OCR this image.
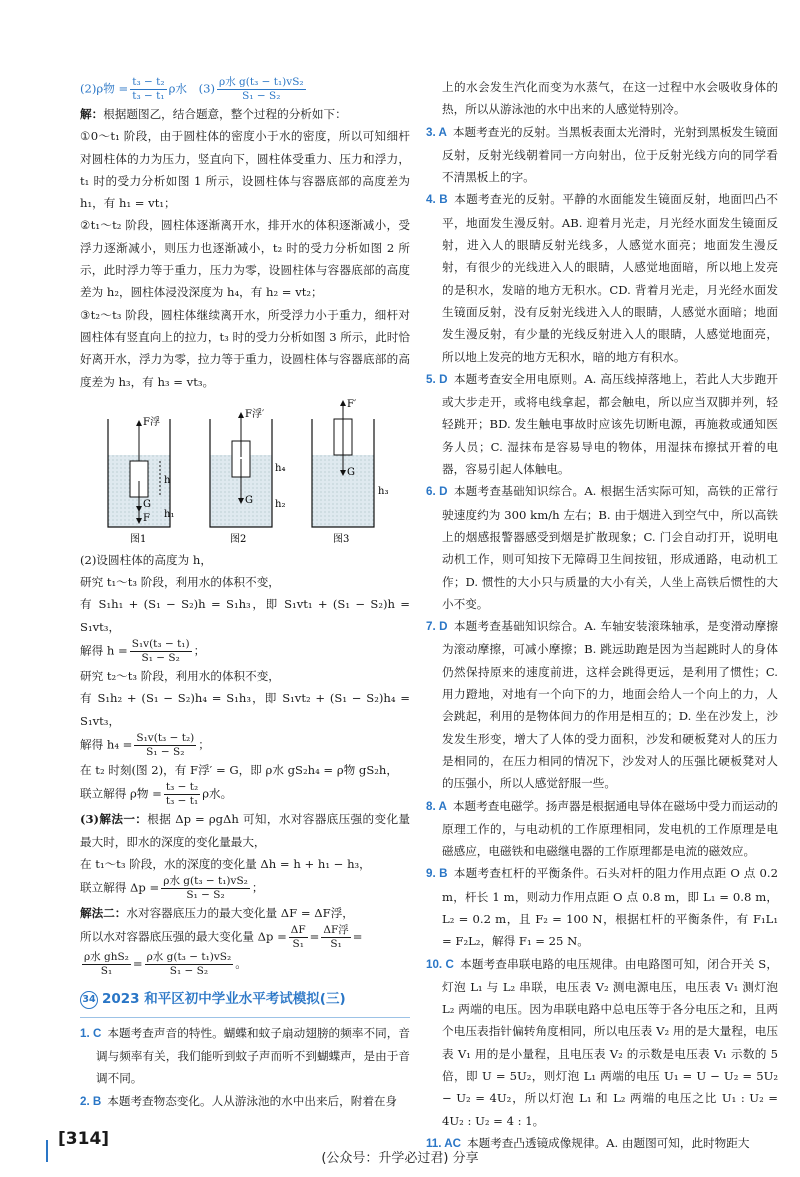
(2)ρ物 = $\frac{\text{t₃ − t₂}}{\text{t₃ − t₁}}$ ρ水　$(3) \frac{\text{ρ水 g(t₃ − t₁)vS₂}}{\text{S₁ − S₂}}$

解：根据题图乙，结合题意，整个过程的分析如下：

①0～t₁ 阶段，由于圆柱体的密度小于水的密度，所以可知细杆对圆柱体的力为压力，竖直向下，圆柱体受重力、压力和浮力，t₁ 时的受力分析如图 1 所示，设圆柱体与容器底部的高度差为 h₁，有 h₁ = vt₁；

②t₁～t₂ 阶段，圆柱体逐渐离开水，排开水的体积逐渐减小，受浮力逐渐减小，则压力也逐渐减小，t₂ 时的受力分析如图 2 所示，此时浮力等于重力，压力为零，设圆柱体与容器底部的高度差为 h₂，圆柱体浸没深度为 h₄，有 h₂ = vt₂；

③t₂～t₃ 阶段，圆柱体继续离开水，所受浮力小于重力，细杆对圆柱体有竖直向上的拉力，t₃ 时的受力分析如图 3 所示，此时恰好离开水，浮力为零，拉力等于重力，设圆柱体与容器底部的高度差为 h₃，有 h₃ = vt₃。

F浮
G
F
h
h₁
图1
F浮′
G
h₄
h₂
图2
F′
G
h₃
图3

(2)设圆柱体的高度为 h，

研究 t₁～t₃ 阶段，利用水的体积不变，

有 S₁h₁ + (S₁ − S₂)h = S₁h₃，即 S₁vt₁ + (S₁ − S₂)h = S₁vt₃，

解得 $h = \frac{\text{S₁v(t₃ − t₁)}}{\text{S₁ − S₂}}$ ；

研究 t₂～t₃ 阶段，利用水的体积不变，

有 S₁h₂ + (S₁ − S₂)h₄ = S₁h₃，即 S₁vt₂ + (S₁ − S₂)h₄ = S₁vt₃，

解得 $h_4 = \frac{\text{S₁v(t₃ − t₂)}}{\text{S₁ − S₂}}$ ；

在 t₂ 时刻(图 2)，有 F浮′ = G，即 ρ水 gS₂h₄ = ρ物 gS₂h，

联立解得 ρ物 = $\frac{\text{t₃ − t₂}}{\text{t₃ − t₁}}$ ρ水。

(3)解法一：根据 Δp = ρgΔh 可知，水对容器底压强的变化量最大时，即水的深度的变化量最大，

在 t₁～t₃ 阶段，水的深度的变化量 Δh = h + h₁ − h₃，

联立解得 $\Delta p = \frac{\text{ρ水 g(t₃ − t₁)vS₂}}{\text{S₁ − S₂}}$ ；

解法二：水对容器底压力的最大变化量 ΔF = ΔF浮，

所以水对容器底压强的最大变化量 $\Delta p = \frac{\Delta F}{\text{S₁}} = \frac{\text{ΔF浮}}{\text{S₁}}$ =

$\frac{\text{ρ水 ghS₂}}{\text{S₁}} = \frac{\text{ρ水 g(t₃ − t₁)vS₂}}{\text{S₁ − S₂}}$ 。

34 2023 和平区初中学业水平考试模拟(三)

1. C 本题考查声音的特性。蝴蝶和蚊子扇动翅膀的频率不同，音调与频率有关，我们能听到蚊子声而听不到蝴蝶声，是由于音调不同。

2. B 本题考查物态变化。人从游泳池的水中出来后，附着在身

上的水会发生汽化而变为水蒸气，在这一过程中水会吸收身体的热，所以从游泳池的水中出来的人感觉特别冷。

3. A 本题考查光的反射。当黑板表面太光滑时，光射到黑板发生镜面反射，反射光线朝着同一方向射出，位于反射光线方向的同学看不清黑板上的字。

4. B 本题考查光的反射。平静的水面能发生镜面反射，地面凹凸不平，地面发生漫反射。AB. 迎着月光走，月光经水面发生镜面反射，进入人的眼睛反射光线多，人感觉水面亮；地面发生漫反射，有很少的光线进入人的眼睛，人感觉地面暗，所以地上发亮的是积水，发暗的地方无积水。CD. 背着月光走，月光经水面发生镜面反射，没有反射光线进入人的眼睛，人感觉水面暗；地面发生漫反射，有少量的光线反射进入人的眼睛，人感觉地面亮，所以地上发亮的地方无积水，暗的地方有积水。

5. D 本题考查安全用电原则。A. 高压线掉落地上，若此人大步跑开或大步走开，或将电线拿起，都会触电，所以应当双脚并列，轻轻跳开；BD. 发生触电事故时应该先切断电源，再施救或通知医务人员；C. 湿抹布是容易导电的物体，用湿抹布擦拭开着的电器，容易引起人体触电。

6. D 本题考查基础知识综合。A. 根据生活实际可知，高铁的正常行驶速度约为 300 km/h 左右；B. 由于烟进入到空气中，所以高铁上的烟感报警器感受到烟是扩散现象；C. 门会自动打开，说明电动机工作，则可知按下无障碍卫生间按钮，形成通路，电动机工作；D. 惯性的大小只与质量的大小有关，人坐上高铁后惯性的大小不变。

7. D 本题考查基础知识综合。A. 车轴安装滚珠轴承，是变滑动摩擦为滚动摩擦，可减小摩擦；B. 跳远助跑是因为当起跳时人的身体仍然保持原来的速度前进，这样会跳得更远，是利用了惯性；C. 用力蹬地，对地有一个向下的力，地面会给人一个向上的力，人会跳起，利用的是物体间力的作用是相互的；D. 坐在沙发上，沙发发生形变，增大了人体的受力面积，沙发和硬板凳对人的压力是相同的，在压力相同的情况下，沙发对人的压强比硬板凳对人的压强小，所以人感觉舒服一些。

8. A 本题考查电磁学。扬声器是根据通电导体在磁场中受力而运动的原理工作的，与电动机的工作原理相同，发电机的工作原理是电磁感应，电磁铁和电磁继电器的工作原理都是电流的磁效应。

9. B 本题考查杠杆的平衡条件。石头对杆的阻力作用点距 O 点 0.2 m，杆长 1 m，则动力作用点距 O 点 0.8 m，即 L₁ = 0.8 m，L₂ = 0.2 m，且 F₂ = 100 N，根据杠杆的平衡条件，有 F₁L₁ = F₂L₂，解得 F₁ = 25 N。

10. C 本题考查串联电路的电压规律。由电路图可知，闭合开关 S，灯泡 L₁ 与 L₂ 串联，电压表 V₂ 测电源电压，电压表 V₁ 测灯泡 L₂ 两端的电压。因为串联电路中总电压等于各分电压之和，且两个电压表指针偏转角度相同，所以电压表 V₂ 用的是大量程，电压表 V₁ 用的是小量程，且电压表 V₂ 的示数是电压表 V₁ 示数的 5 倍，即 U = 5U₂，则灯泡 L₁ 两端的电压 U₁ = U − U₂ = 5U₂ − U₂ = 4U₂，所以灯泡 L₁ 和 L₂ 两端的电压之比 U₁ : U₂ = 4U₂ : U₂ = 4 : 1。

11. AC 本题考查凸透镜成像规律。A. 由题图可知，此时物距大

[314]
(公众号：升学必过君) 分享
